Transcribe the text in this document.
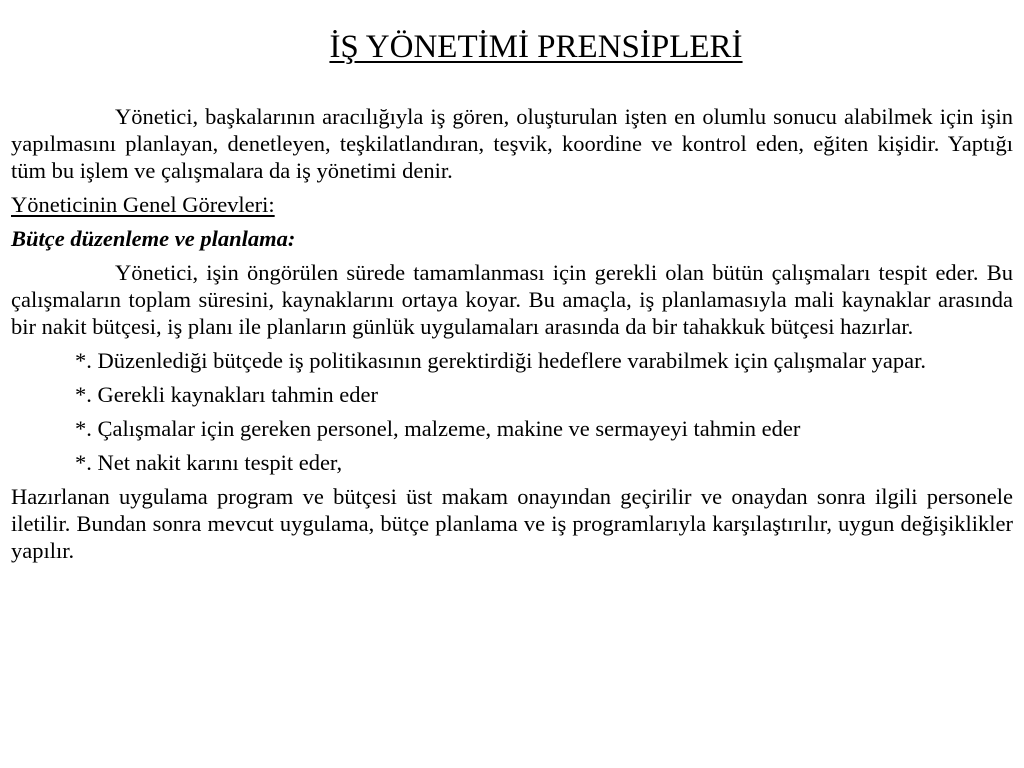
İŞ YÖNETİMİ PRENSİPLERİ

Yönetici, başkalarının aracılığıyla iş gören, oluşturulan işten en olumlu sonucu alabilmek için işin yapılmasını planlayan, denetleyen, teşkilatlandıran, teşvik, koordine ve kontrol eden, eğiten kişidir. Yaptığı tüm bu işlem ve çalışmalara da iş yönetimi denir.

Yöneticinin Genel Görevleri:

Bütçe düzenleme ve planlama:

Yönetici, işin öngörülen sürede tamamlanması için gerekli olan bütün çalışmaları tespit eder. Bu çalışmaların toplam süresini, kaynaklarını ortaya koyar. Bu amaçla, iş planlamasıyla mali kaynaklar arasında bir nakit bütçesi, iş planı ile planların günlük uygulamaları arasında da bir tahakkuk bütçesi hazırlar.

*. Düzenlediği bütçede iş politikasının gerektirdiği hedeflere varabilmek için çalışmalar yapar.

*. Gerekli kaynakları tahmin eder

*. Çalışmalar için gereken personel, malzeme, makine ve sermayeyi tahmin eder

*. Net nakit karını tespit eder,

Hazırlanan uygulama program ve bütçesi üst makam onayından geçirilir ve onaydan sonra ilgili personele iletilir. Bundan sonra mevcut uygulama, bütçe planlama ve iş programlarıyla karşılaştırılır, uygun değişiklikler yapılır.
